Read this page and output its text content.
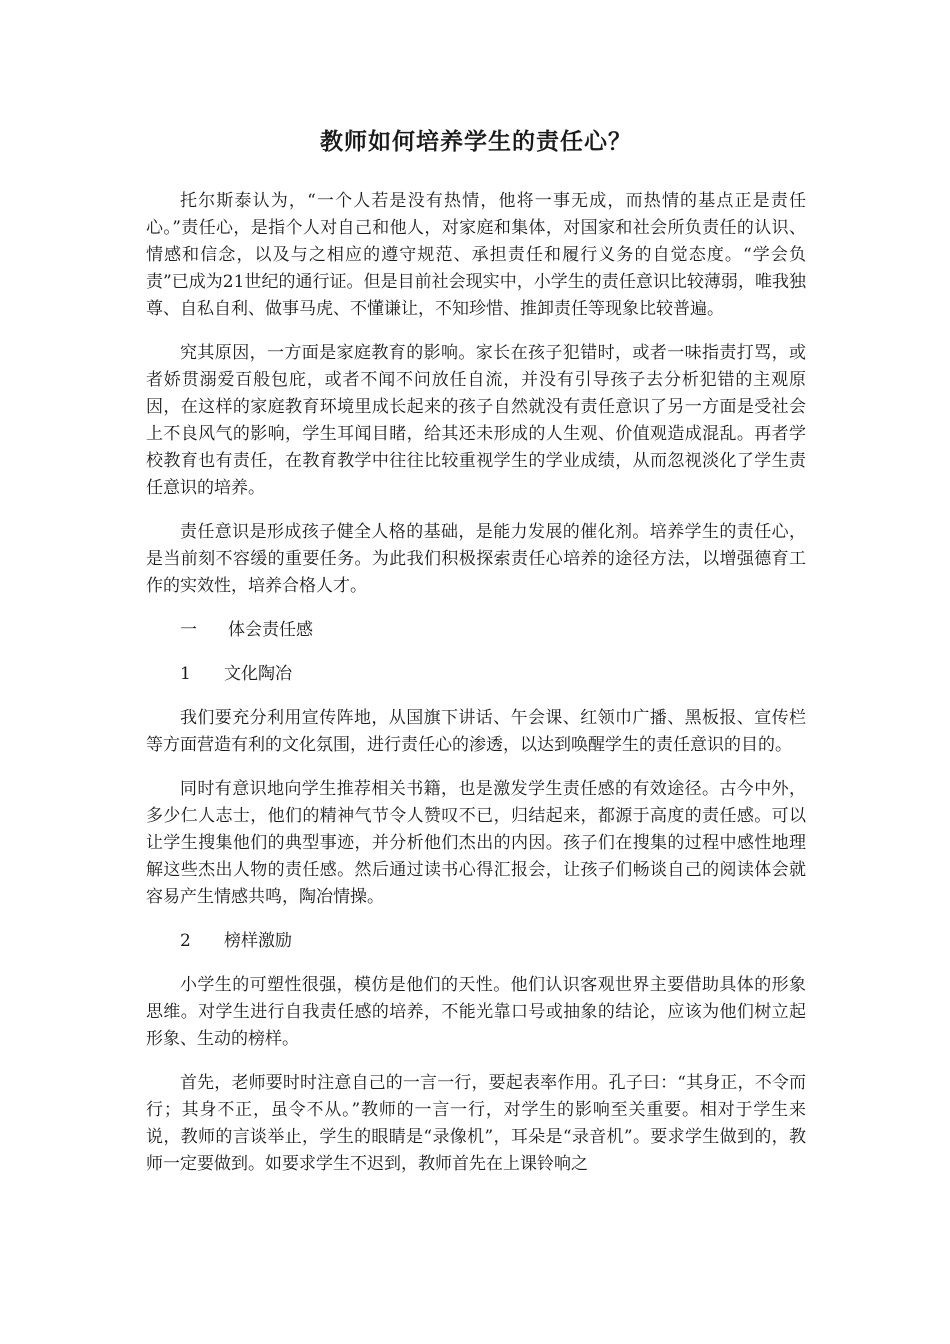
教师如何培养学生的责任心？

托尔斯泰认为，“一个人若是没有热情，他将一事无成，而热情的基点正是责任心。”责任心，是指个人对自己和他人，对家庭和集体，对国家和社会所负责任的认识、情感和信念，以及与之相应的遵守规范、承担责任和履行义务的自觉态度。“学会负责”已成为21世纪的通行证。但是目前社会现实中，小学生的责任意识比较薄弱，唯我独尊、自私自利、做事马虎、不懂谦让，不知珍惜、推卸责任等现象比较普遍。

究其原因，一方面是家庭教育的影响。家长在孩子犯错时，或者一味指责打骂，或者娇贯溺爱百般包庇，或者不闻不问放任自流，并没有引导孩子去分析犯错的主观原因，在这样的家庭教育环境里成长起来的孩子自然就没有责任意识了另一方面是受社会上不良风气的影响，学生耳闻目睹，给其还未形成的人生观、价值观造成混乱。再者学校教育也有责任，在教育教学中往往比较重视学生的学业成绩，从而忽视淡化了学生责任意识的培养。

责任意识是形成孩子健全人格的基础，是能力发展的催化剂。培养学生的责任心，是当前刻不容缓的重要任务。为此我们积极探索责任心培养的途径方法，以增强德育工作的实效性，培养合格人才。

一 体会责任感
1 文化陶冶

我们要充分利用宣传阵地，从国旗下讲话、午会课、红领巾广播、黑板报、宣传栏等方面营造有利的文化氛围，进行责任心的渗透，以达到唤醒学生的责任意识的目的。

同时有意识地向学生推荐相关书籍，也是激发学生责任感的有效途径。古今中外，多少仁人志士，他们的精神气节令人赞叹不已，归结起来，都源于高度的责任感。可以让学生搜集他们的典型事迹，并分析他们杰出的内因。孩子们在搜集的过程中感性地理解这些杰出人物的责任感。然后通过读书心得汇报会，让孩子们畅谈自己的阅读体会就容易产生情感共鸣，陶冶情操。

2 榜样激励

小学生的可塑性很强，模仿是他们的天性。他们认识客观世界主要借助具体的形象思维。对学生进行自我责任感的培养，不能光靠口号或抽象的结论，应该为他们树立起形象、生动的榜样。

首先，老师要时时注意自己的一言一行，要起表率作用。孔子曰：“其身正，不令而行；其身不正，虽令不从。”教师的一言一行，对学生的影响至关重要。相对于学生来说，教师的言谈举止，学生的眼睛是“录像机”，耳朵是“录音机”。要求学生做到的，教师一定要做到。如要求学生不迟到，教师首先在上课铃响之
